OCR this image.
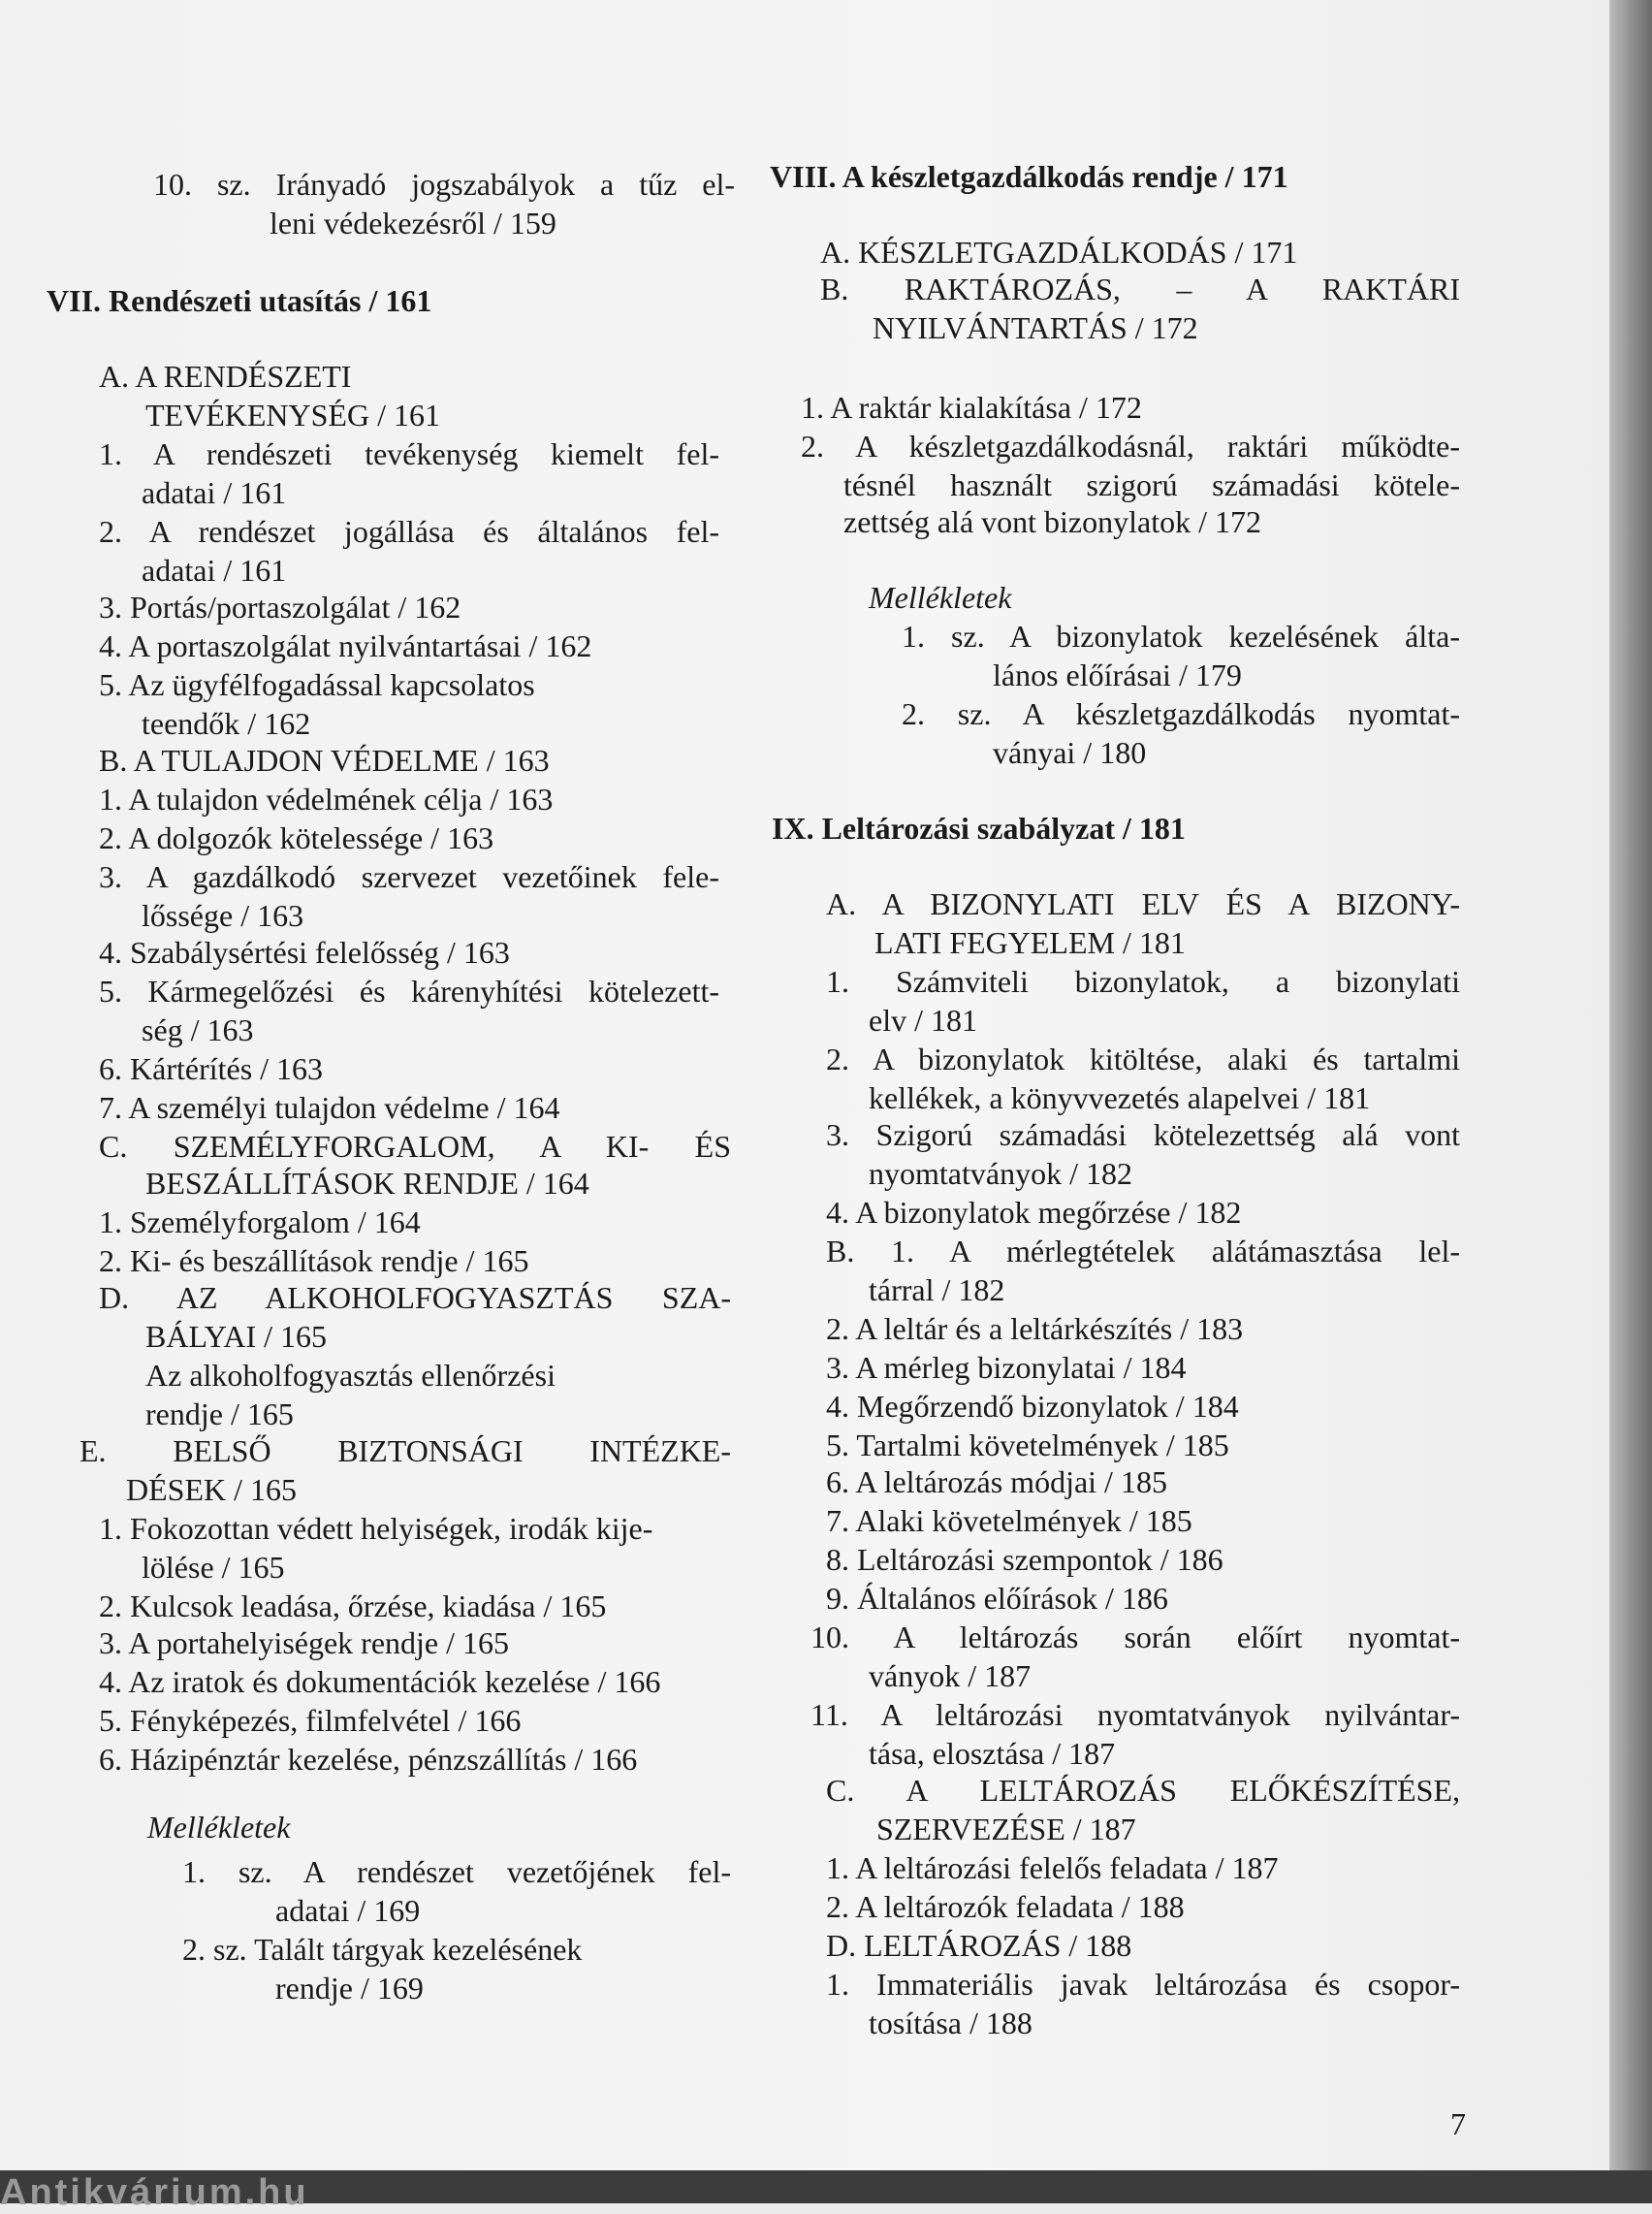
10. sz. Irányadó jogszabályok a tűz el-
leni védekezésről / 159
VII. Rendészeti utasítás / 161
A. A RENDÉSZETI
TEVÉKENYSÉG / 161
1. A rendészeti tevékenység kiemelt fel-
adatai / 161
2. A rendészet jogállása és általános fel-
adatai / 161
3. Portás/portaszolgálat / 162
4. A portaszolgálat nyilvántartásai / 162
5. Az ügyfélfogadással kapcsolatos
teendők / 162
B. A TULAJDON VÉDELME / 163
1. A tulajdon védelmének célja / 163
2. A dolgozók kötelessége / 163
3. A gazdálkodó szervezet vezetőinek fele-
lőssége / 163
4. Szabálysértési felelősség / 163
5. Kármegelőzési és kárenyhítési kötelezett-
ség / 163
6. Kártérítés / 163
7. A személyi tulajdon védelme / 164
C. SZEMÉLYFORGALOM, A KI- ÉS
BESZÁLLÍTÁSOK RENDJE / 164
1. Személyforgalom / 164
2. Ki- és beszállítások rendje / 165
D. AZ ALKOHOLFOGYASZTÁS SZA-
BÁLYAI / 165
Az alkoholfogyasztás ellenőrzési
rendje / 165
E. BELSŐ BIZTONSÁGI INTÉZKE-
DÉSEK / 165
1. Fokozottan védett helyiségek, irodák kije-
lölése / 165
2. Kulcsok leadása, őrzése, kiadása / 165
3. A portahelyiségek rendje / 165
4. Az iratok és dokumentációk kezelése / 166
5. Fényképezés, filmfelvétel / 166
6. Házipénztár kezelése, pénzszállítás / 166
Mellékletek
1. sz. A rendészet vezetőjének fel-
adatai / 169
2. sz. Talált tárgyak kezelésének
rendje / 169
VIII. A készletgazdálkodás rendje / 171
A. KÉSZLETGAZDÁLKODÁS / 171
B. RAKTÁROZÁS, – A RAKTÁRI
NYILVÁNTARTÁS / 172
1. A raktár kialakítása / 172
2. A készletgazdálkodásnál, raktári működte-
tésnél használt szigorú számadási kötele-
zettség alá vont bizonylatok / 172
Mellékletek
1. sz. A bizonylatok kezelésének álta-
lános előírásai / 179
2. sz. A készletgazdálkodás nyomtat-
ványai / 180
IX. Leltározási szabályzat / 181
A. A BIZONYLATI ELV ÉS A BIZONY-
LATI FEGYELEM / 181
1. Számviteli bizonylatok, a bizonylati
elv / 181
2. A bizonylatok kitöltése, alaki és tartalmi
kellékek, a könyvvezetés alapelvei / 181
3. Szigorú számadási kötelezettség alá vont
nyomtatványok / 182
4. A bizonylatok megőrzése / 182
B. 1. A mérlegtételek alátámasztása lel-
tárral / 182
2. A leltár és a leltárkészítés / 183
3. A mérleg bizonylatai / 184
4. Megőrzendő bizonylatok / 184
5. Tartalmi követelmények / 185
6. A leltározás módjai / 185
7. Alaki követelmények / 185
8. Leltározási szempontok / 186
9. Általános előírások / 186
10. A leltározás során előírt nyomtat-
ványok / 187
11. A leltározási nyomtatványok nyilvántar-
tása, elosztása / 187
C. A LELTÁROZÁS ELŐKÉSZÍTÉSE,
SZERVEZÉSE / 187
1. A leltározási felelős feladata / 187
2. A leltározók feladata / 188
D. LELTÁROZÁS / 188
1. Immateriális javak leltározása és csopor-
tosítása / 188
7
Antikvárium.hu
